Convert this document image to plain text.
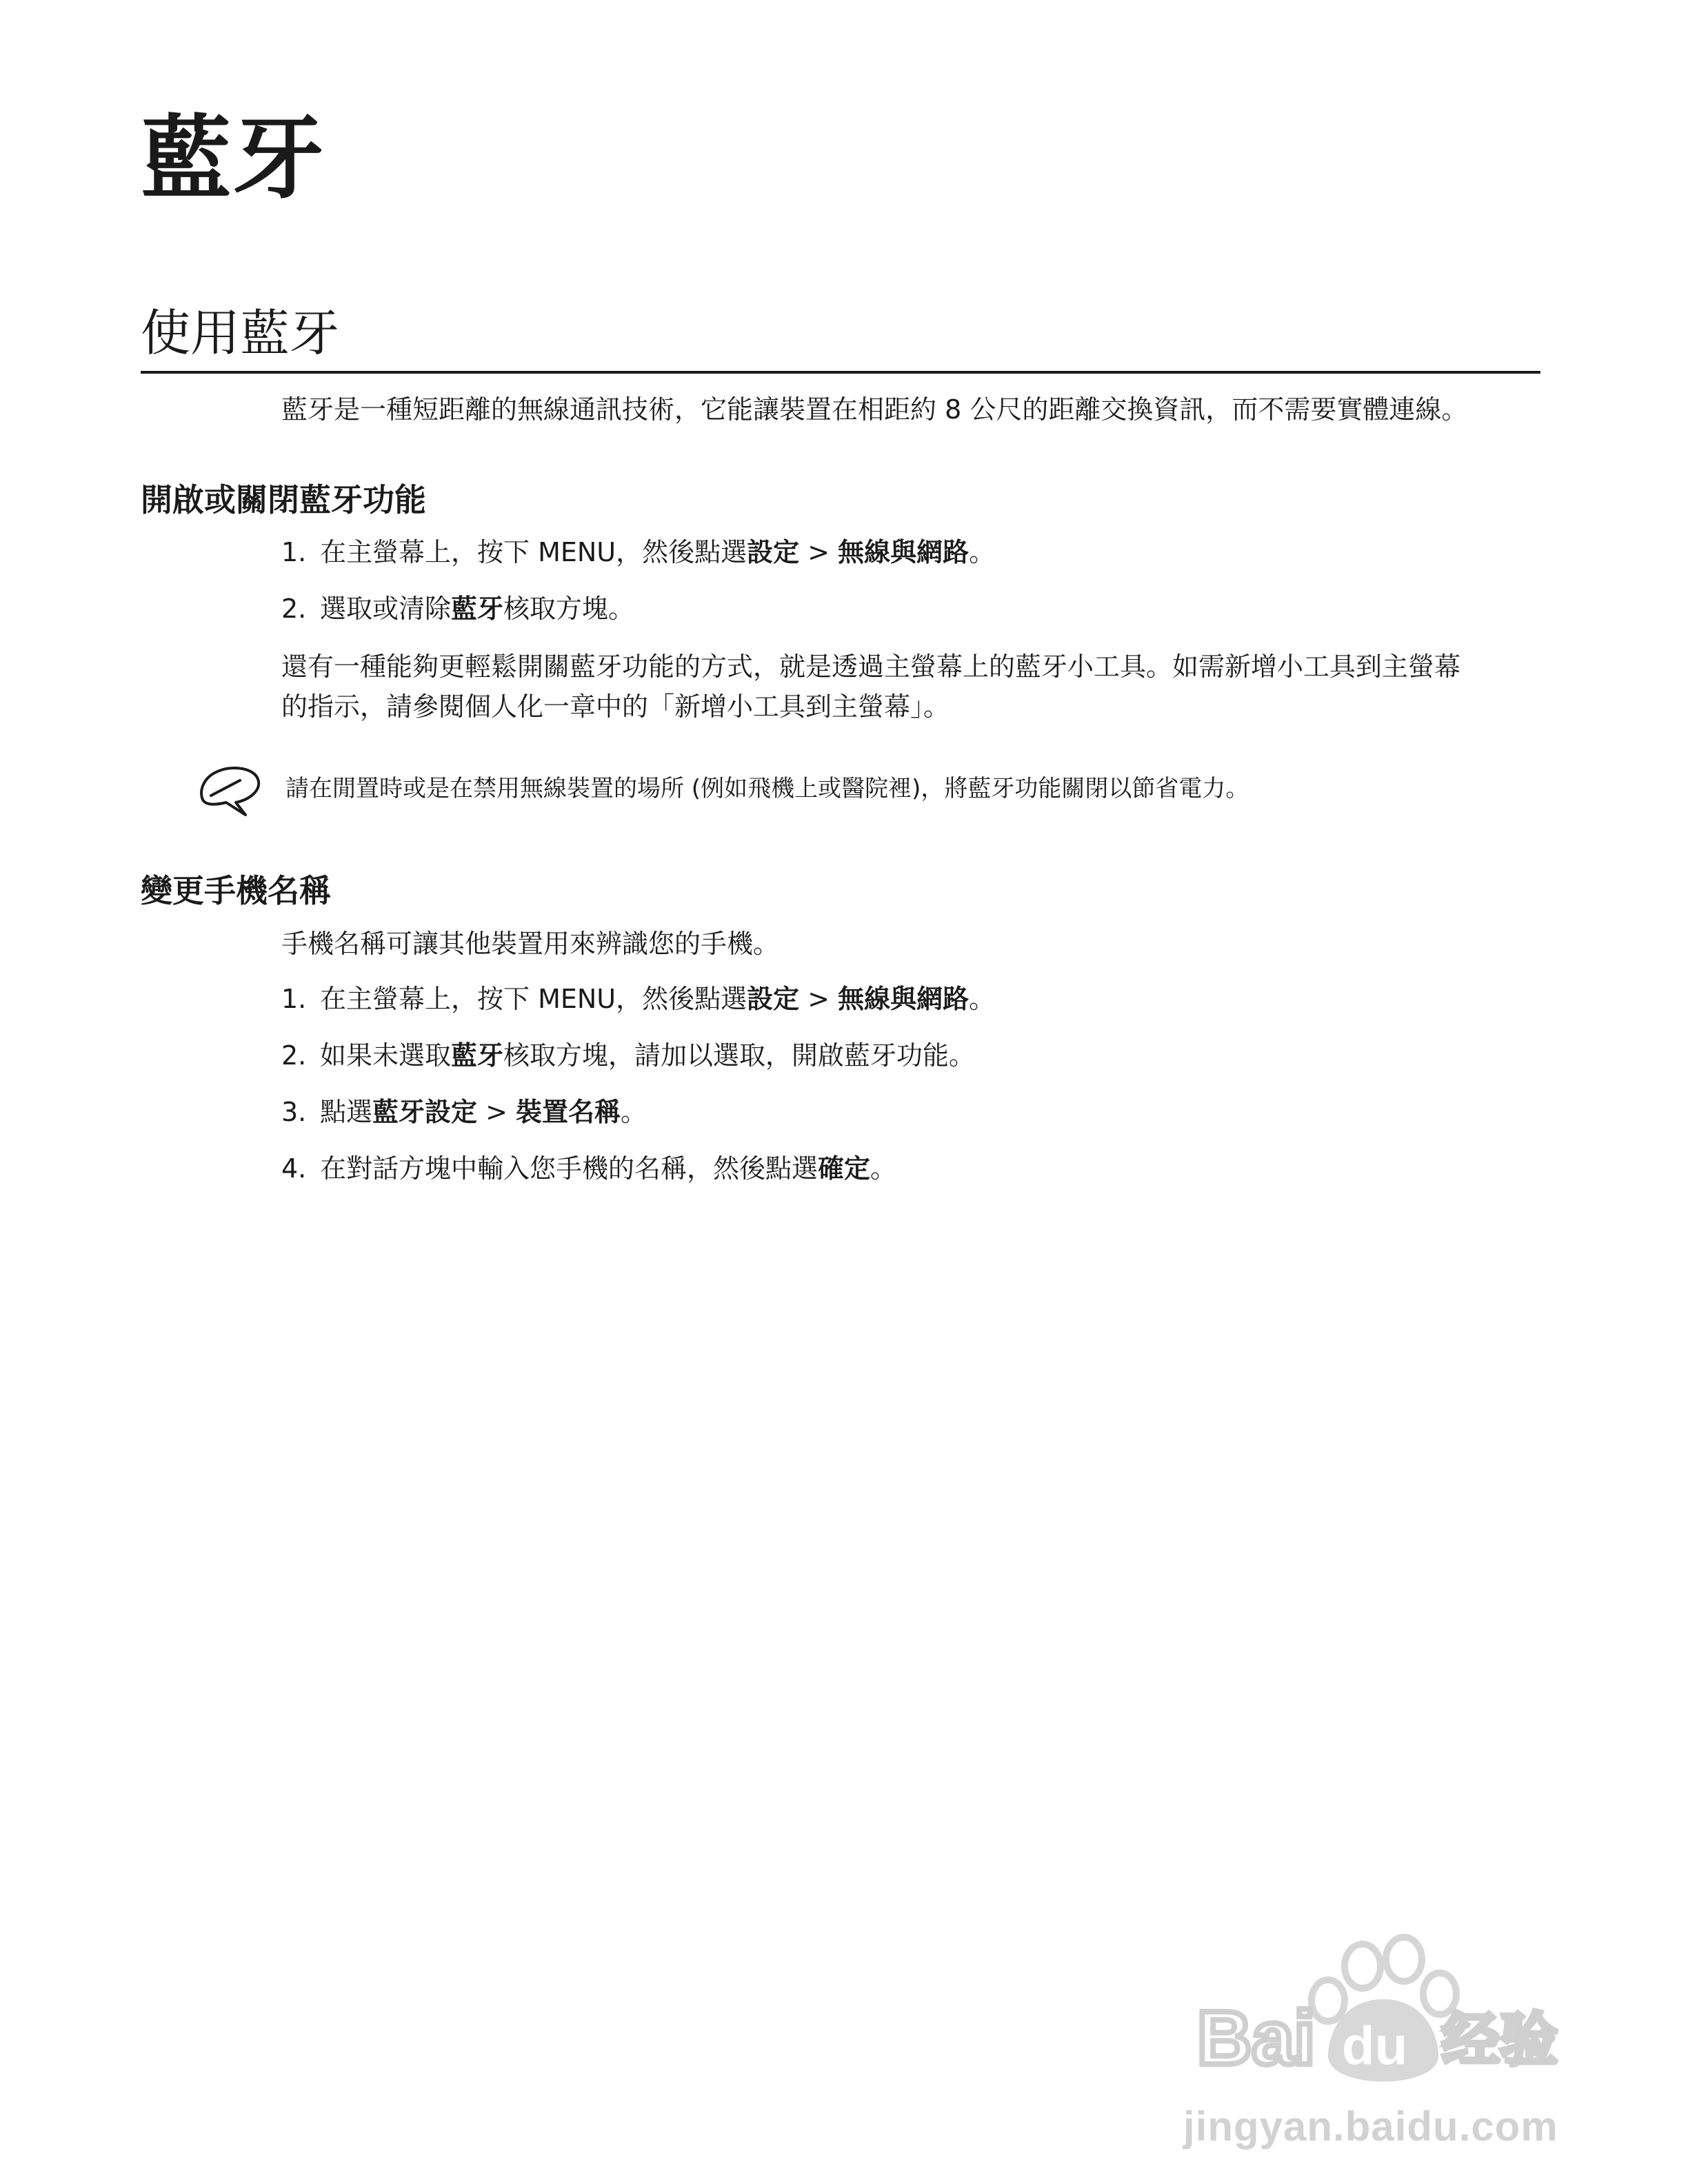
藍牙
使用藍牙

藍牙是一種短距離的無線通訊技術，它能讓裝置在相距約 8 公尺的距離交換資訊，而不需要實體連線。

開啟或關閉藍牙功能
1. 在主螢幕上，按下 MENU，然後點選設定 > 無線與網路。
2. 選取或清除藍牙核取方塊。
還有一種能夠更輕鬆開關藍牙功能的方式，就是透過主螢幕上的藍牙小工具。如需新增小工具到主螢幕
的指示，請參閱個人化一章中的「新增小工具到主螢幕」。
請在閒置時或是在禁用無線裝置的場所 (例如飛機上或醫院裡)，將藍牙功能關閉以節省電力。
變更手機名稱

手機名稱可讓其他裝置用來辨識您的手機。

1. 在主螢幕上，按下 MENU，然後點選設定 > 無線與網路。
2. 如果未選取藍牙核取方塊，請加以選取，開啟藍牙功能。
3. 點選藍牙設定 > 裝置名稱。
4. 在對話方塊中輸入您手機的名稱，然後點選確定。
du
Bai 经验
jingyan.baidu.com
